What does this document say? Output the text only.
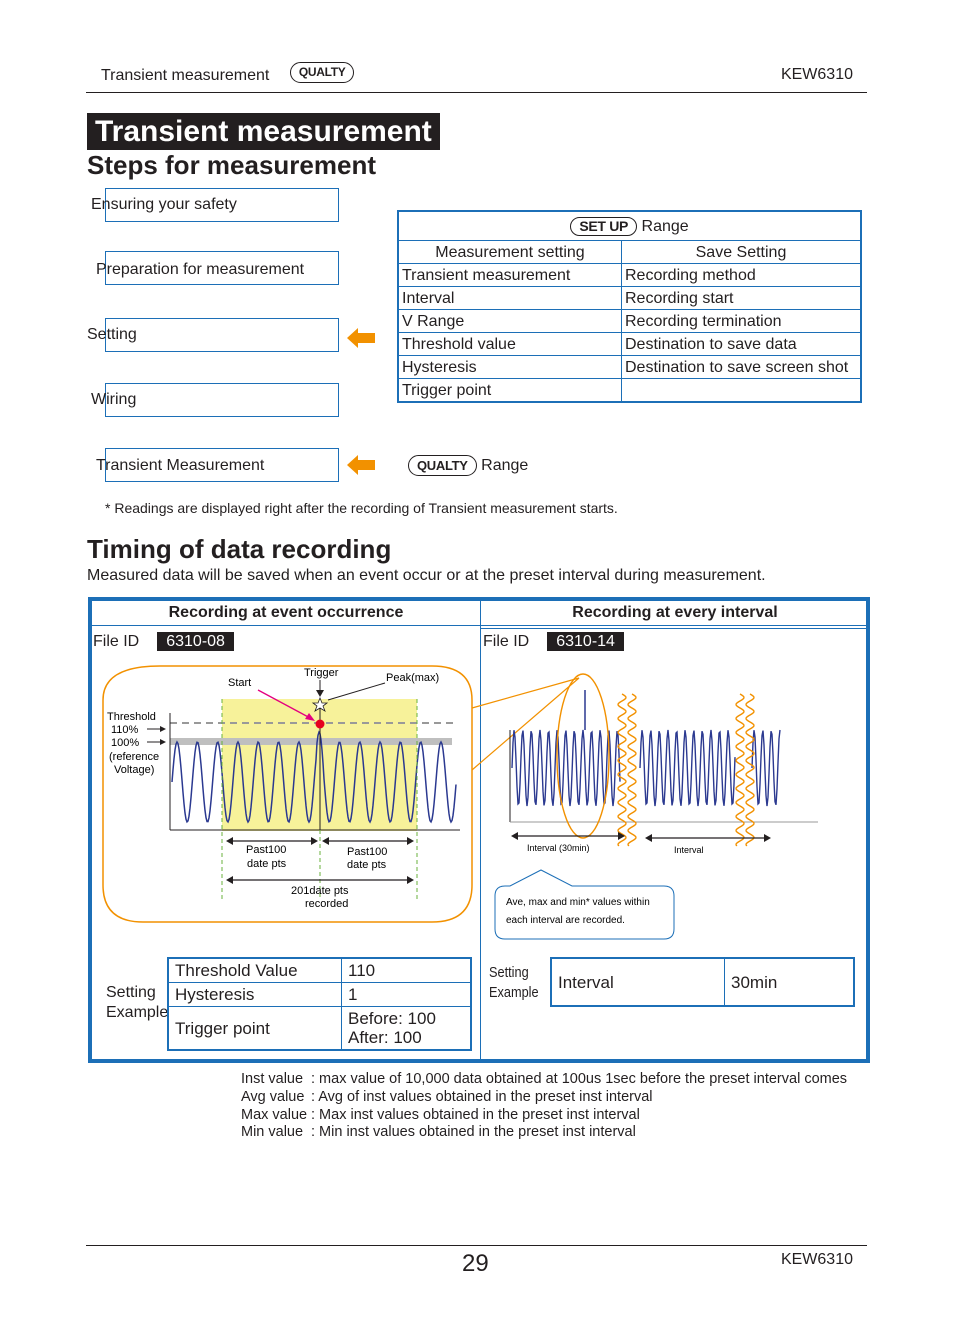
Transient measurement QUALTY	KEW6310
Transient measurement
Steps for measurement
Ensuring your safety
Preparation for measurement
Setting
Wiring
Transient Measurement
SET UP Range	
Measurement setting	Save Setting
Transient measurement	Recording method
Interval	Recording start
V Range	Recording termination
Threshold value	Destination to save data
Hysteresis	Destination to save screen shot
Trigger point	
QUALTY Range
* Readings are displayed right after the recording of Transient measurement starts.
Timing of data recording
Measured data will be saved when an event occur or at the preset interval during measurement.
Recording at event occurrence	Recording at every interval
File ID 6310-08	File ID 6310-14
Start
Trigger	Peak(max)
Threshold
110%
100%
(reference
Voltage)
Past100
date pts
Past100
date pts
201date pts
recorded
Interval (30min)	Interval
Ave, max and min* values within
each interval are recorded.
Setting
Example
Threshold Value	110
Hysteresis	1
Trigger point	Before: 100
After: 100
Setting
Example
Interval	30min
Inst value : max value of 10,000 data obtained at 100us 1sec before the preset interval comes
Avg value : Avg of inst values obtained in the preset inst interval
Max value : Max inst values obtained in the preset inst interval
Min value : Min inst values obtained in the preset inst interval
29	KEW6310
